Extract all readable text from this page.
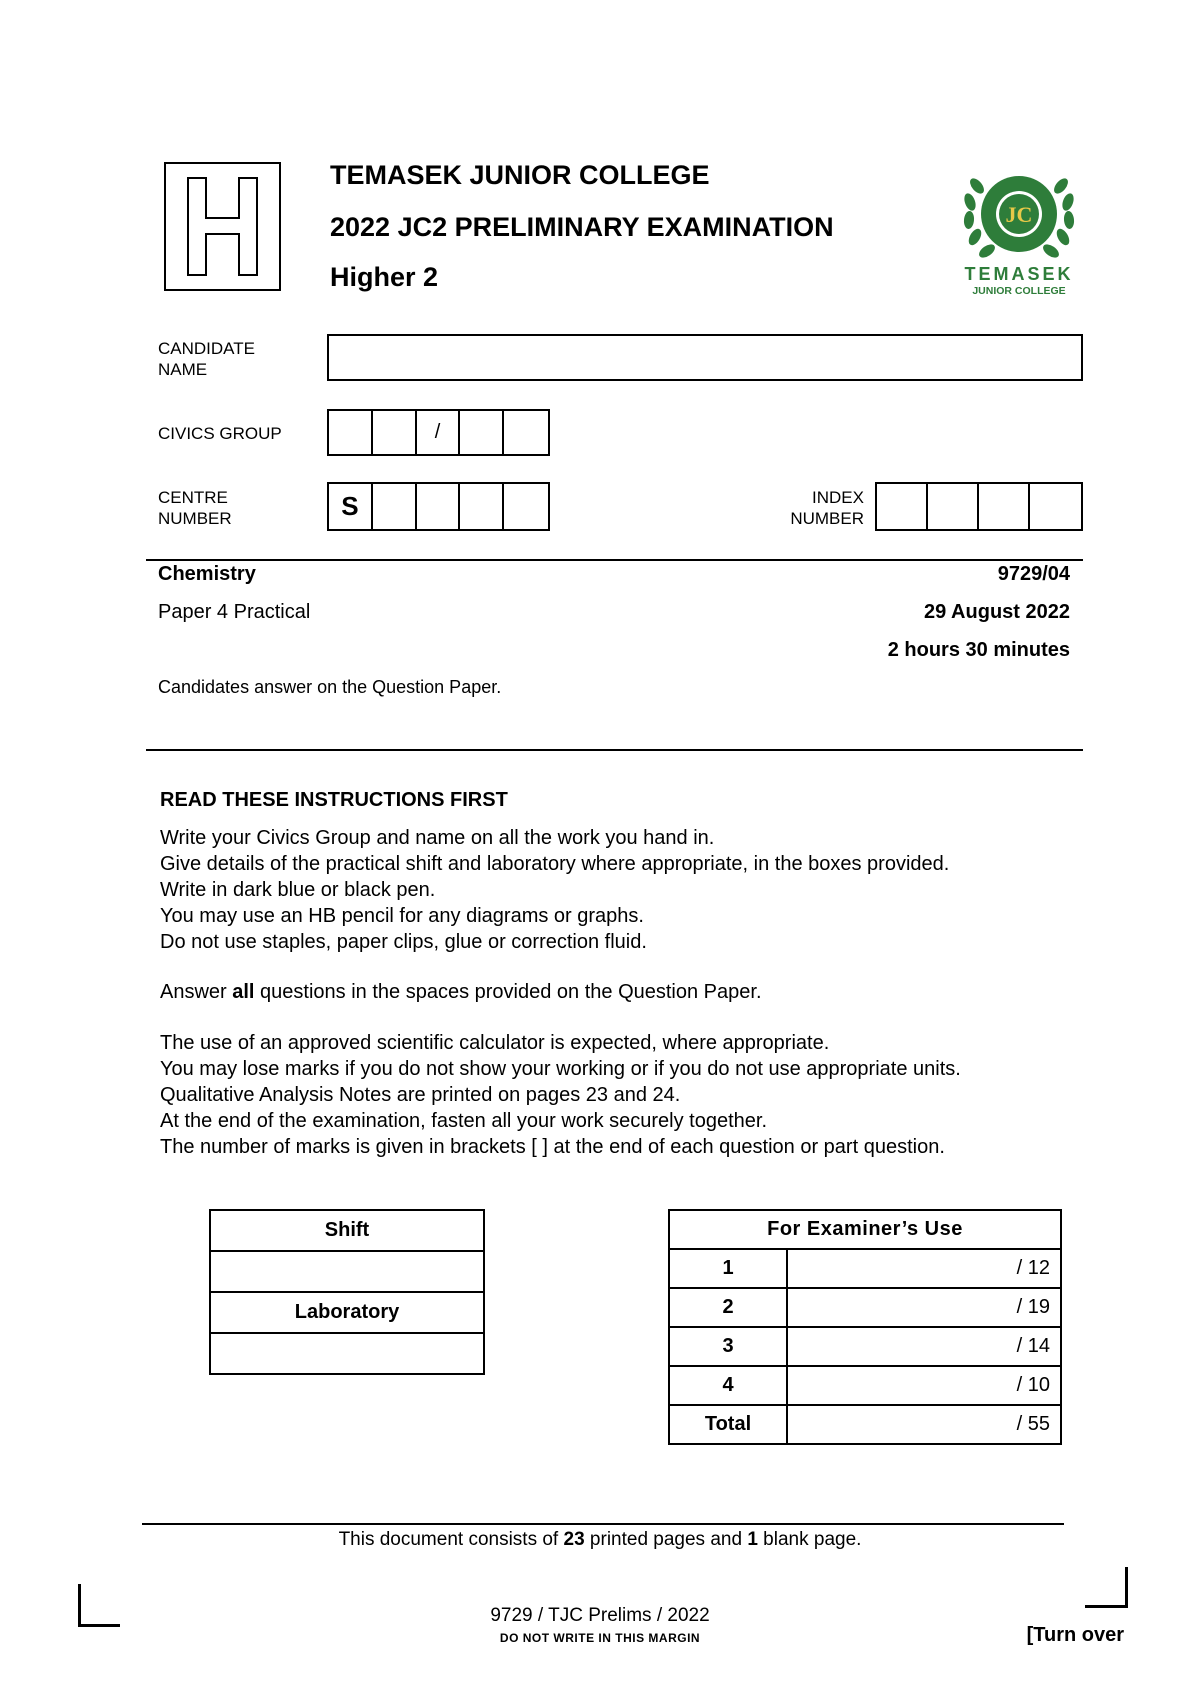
TEMASEK JUNIOR COLLEGE
2022 JC2 PRELIMINARY EXAMINATION
Higher 2
JC
TEMASEK
JUNIOR COLLEGE
CANDIDATE
NAME
CIVICS GROUP	/
CENTRE
NUMBER	S	INDEX
NUMBER
Chemistry	9729/04
Paper 4 Practical	29 August 2022
2 hours 30 minutes
Candidates answer on the Question Paper.
READ THESE INSTRUCTIONS FIRST
Write your Civics Group and name on all the work you hand in.
Give details of the practical shift and laboratory where appropriate, in the boxes provided.
Write in dark blue or black pen.
You may use an HB pencil for any diagrams or graphs.
Do not use staples, paper clips, glue or correction fluid.
Answer all questions in the spaces provided on the Question Paper.
The use of an approved scientific calculator is expected, where appropriate.
You may lose marks if you do not show your working or if you do not use appropriate units.
Qualitative Analysis Notes are printed on pages 23 and 24.
At the end of the examination, fasten all your work securely together.
The number of marks is given in brackets [ ] at the end of each question or part question.
Shift

Laboratory

For Examiner’s Use	
1	/ 12
2	/ 19
3	/ 14
4	/ 10
Total	/ 55
This document consists of 23 printed pages and 1 blank page.
9729 / TJC Prelims / 2022
DO NOT WRITE IN THIS MARGIN	[Turn over
